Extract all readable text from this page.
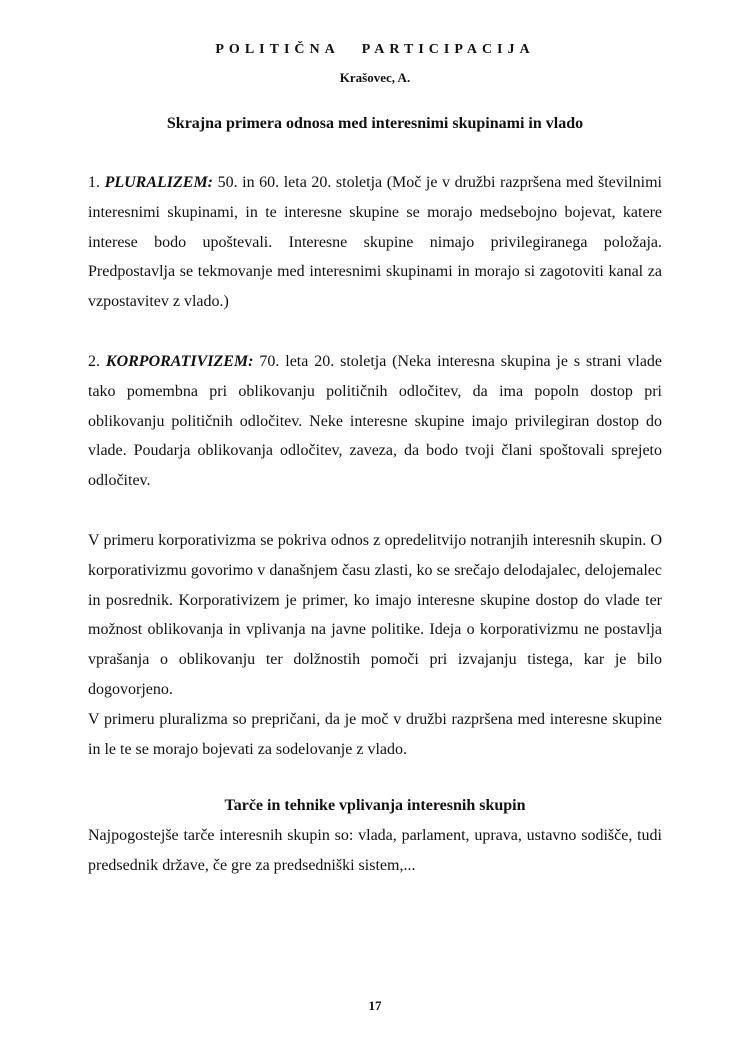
POLITIČNA PARTICIPACIJA
Krašovec, A.
Skrajna primera odnosa med interesnimi skupinami in vlado
1. PLURALIZEM: 50. in 60. leta 20. stoletja (Moč je v družbi razpršena med številnimi interesnimi skupinami, in te interesne skupine se morajo medsebojno bojevat, katere interese bodo upoštevali. Interesne skupine nimajo privilegiranega položaja. Predpostavlja se tekmovanje med interesnimi skupinami in morajo si zagotoviti kanal za vzpostavitev z vlado.)
2. KORPORATIVIZEM: 70. leta 20. stoletja (Neka interesna skupina je s strani vlade tako pomembna pri oblikovanju političnih odločitev, da ima popoln dostop pri oblikovanju političnih odločitev. Neke interesne skupine imajo privilegiran dostop do vlade. Poudarja oblikovanja odločitev, zaveza, da bodo tvoji člani spoštovali sprejeto odločitev.
V primeru korporativizma se pokriva odnos z opredelitvijo notranjih interesnih skupin. O korporativizmu govorimo v današnjem času zlasti, ko se srečajo delodajalec, delojemalec in posrednik. Korporativizem je primer, ko imajo interesne skupine dostop do vlade ter možnost oblikovanja in vplivanja na javne politike. Ideja o korporativizmu ne postavlja vprašanja o oblikovanju ter dolžnostih pomoči pri izvajanju tistega, kar je bilo dogovorjeno.
V primeru pluralizma so prepričani, da je moč v družbi razpršena med interesne skupine in le te se morajo bojevati za sodelovanje z vlado.
Tarče in tehnike vplivanja interesnih skupin
Najpogostejše tarče interesnih skupin so: vlada, parlament, uprava, ustavno sodišče, tudi predsednik države, če gre za predsedniški sistem,...
17
